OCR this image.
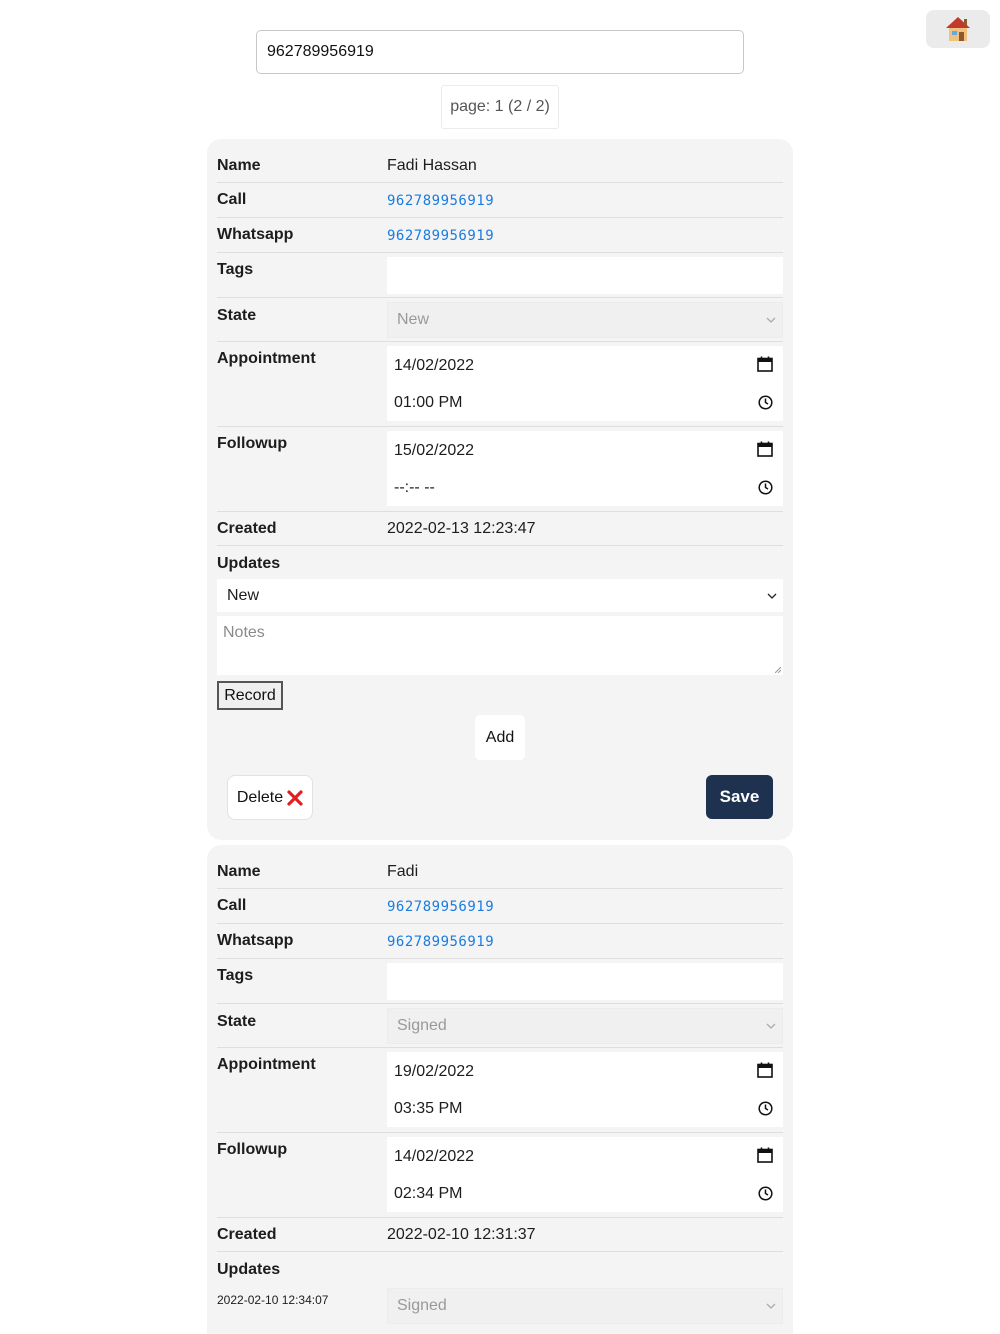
962789956919
page: 1 (2 / 2)
Name	Fadi Hassan
Call	962789956919
Whatsapp	962789956919
Tags
State	New
Appointment	14/02/2022
01:00 PM
Followup	15/02/2022
--:-- --
Created	2022-02-13 12:23:47
Updates
New
Notes
Record
Add
Delete	Save
Name	Fadi
Call	962789956919
Whatsapp	962789956919
Tags
State	Signed
Appointment	19/02/2022
03:35 PM
Followup	14/02/2022
02:34 PM
Created	2022-02-10 12:31:37
Updates
2022-02-10 12:34:07	Signed
